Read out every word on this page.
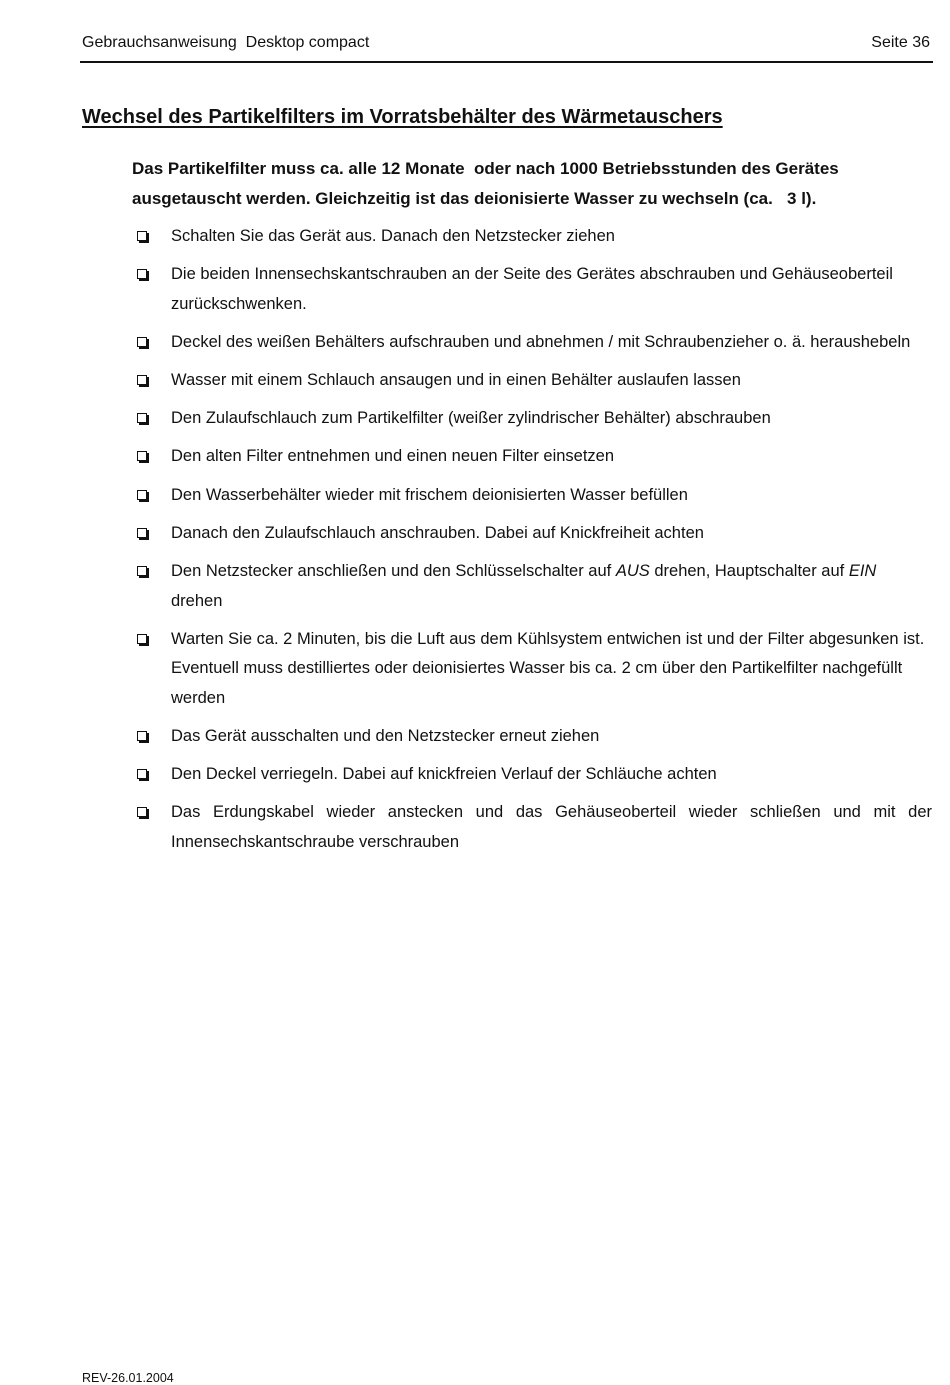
Gebrauchsanweisung  Desktop compact	Seite 36
Wechsel des Partikelfilters im Vorratsbehälter des Wärmetauschers
Das Partikelfilter muss ca. alle 12 Monate  oder nach 1000 Betriebsstunden des Gerätes
ausgetauscht werden. Gleichzeitig ist das deionisierte Wasser zu wechseln (ca.   3 l).
Schalten Sie das Gerät aus. Danach den Netzstecker ziehen
Die beiden Innensechskantschrauben an der Seite des Gerätes abschrauben und Gehäuseoberteil zurückschwenken.
Deckel des weißen Behälters aufschrauben und abnehmen / mit Schraubenzieher o. ä. heraushebeln
Wasser mit einem Schlauch ansaugen und in einen Behälter auslaufen lassen
Den Zulaufschlauch zum Partikelfilter (weißer zylindrischer Behälter) abschrauben
Den alten Filter entnehmen und einen neuen Filter einsetzen
Den Wasserbehälter wieder mit frischem deionisierten Wasser befüllen
Danach den Zulaufschlauch anschrauben. Dabei auf Knickfreiheit achten
Den Netzstecker anschließen und den Schlüsselschalter auf AUS drehen, Hauptschalter auf EIN drehen
Warten Sie ca. 2 Minuten, bis die Luft aus dem Kühlsystem entwichen ist und der Filter abgesunken ist. Eventuell muss destilliertes oder deionisiertes Wasser bis ca. 2 cm über den Partikelfilter nachgefüllt werden
Das Gerät ausschalten und den Netzstecker erneut ziehen
Den Deckel verriegeln. Dabei auf knickfreien Verlauf der Schläuche achten
Das Erdungskabel wieder anstecken und das Gehäuseoberteil wieder schließen und mit der Innensechskantschraube verschrauben
REV-26.01.2004
